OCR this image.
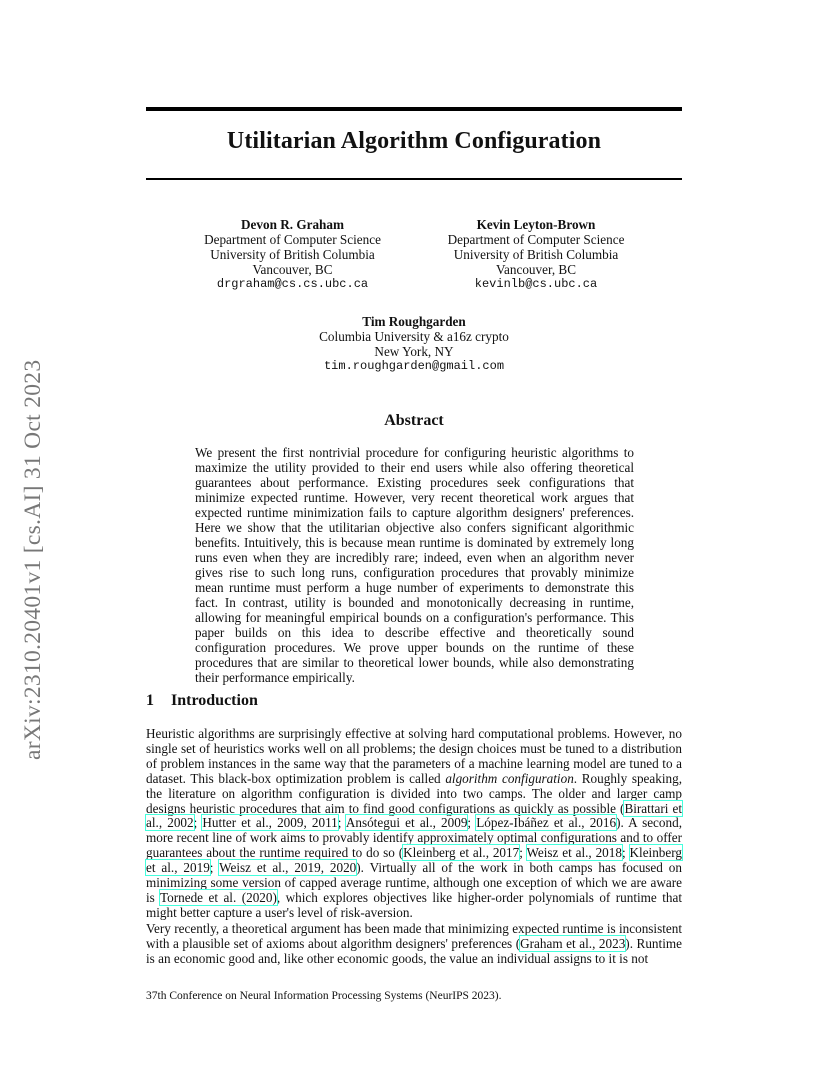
arXiv:2310.20401v1 [cs.AI] 31 Oct 2023
Utilitarian Algorithm Configuration
Devon R. Graham
Department of Computer Science
University of British Columbia
Vancouver, BC
drgraham@cs.cs.ubc.ca
Kevin Leyton-Brown
Department of Computer Science
University of British Columbia
Vancouver, BC
kevinlb@cs.ubc.ca
Tim Roughgarden
Columbia University & a16z crypto
New York, NY
tim.roughgarden@gmail.com
Abstract
We present the first nontrivial procedure for configuring heuristic algorithms to maximize the utility provided to their end users while also offering theoretical guarantees about performance. Existing procedures seek configurations that minimize expected runtime. However, very recent theoretical work argues that expected runtime minimization fails to capture algorithm designers' preferences. Here we show that the utilitarian objective also confers significant algorithmic benefits. Intuitively, this is because mean runtime is dominated by extremely long runs even when they are incredibly rare; indeed, even when an algorithm never gives rise to such long runs, configuration procedures that provably minimize mean runtime must perform a huge number of experiments to demonstrate this fact. In contrast, utility is bounded and monotonically decreasing in runtime, allowing for meaningful empirical bounds on a configuration's performance. This paper builds on this idea to describe effective and theoretically sound configuration procedures. We prove upper bounds on the runtime of these procedures that are similar to theoretical lower bounds, while also demonstrating their performance empirically.
1 Introduction
Heuristic algorithms are surprisingly effective at solving hard computational problems. However, no single set of heuristics works well on all problems; the design choices must be tuned to a distribution of problem instances in the same way that the parameters of a machine learning model are tuned to a dataset. This black-box optimization problem is called algorithm configuration. Roughly speaking, the literature on algorithm configuration is divided into two camps. The older and larger camp designs heuristic procedures that aim to find good configurations as quickly as possible (Birattari et al., 2002; Hutter et al., 2009, 2011; Ansótegui et al., 2009; López-Ibáñez et al., 2016). A second, more recent line of work aims to provably identify approximately optimal configurations and to offer guarantees about the runtime required to do so (Kleinberg et al., 2017; Weisz et al., 2018; Kleinberg et al., 2019; Weisz et al., 2019, 2020). Virtually all of the work in both camps has focused on minimizing some version of capped average runtime, although one exception of which we are aware is Tornede et al. (2020), which explores objectives like higher-order polynomials of runtime that might better capture a user's level of risk-aversion.
Very recently, a theoretical argument has been made that minimizing expected runtime is inconsistent with a plausible set of axioms about algorithm designers' preferences (Graham et al., 2023). Runtime is an economic good and, like other economic goods, the value an individual assigns to it is not
37th Conference on Neural Information Processing Systems (NeurIPS 2023).
